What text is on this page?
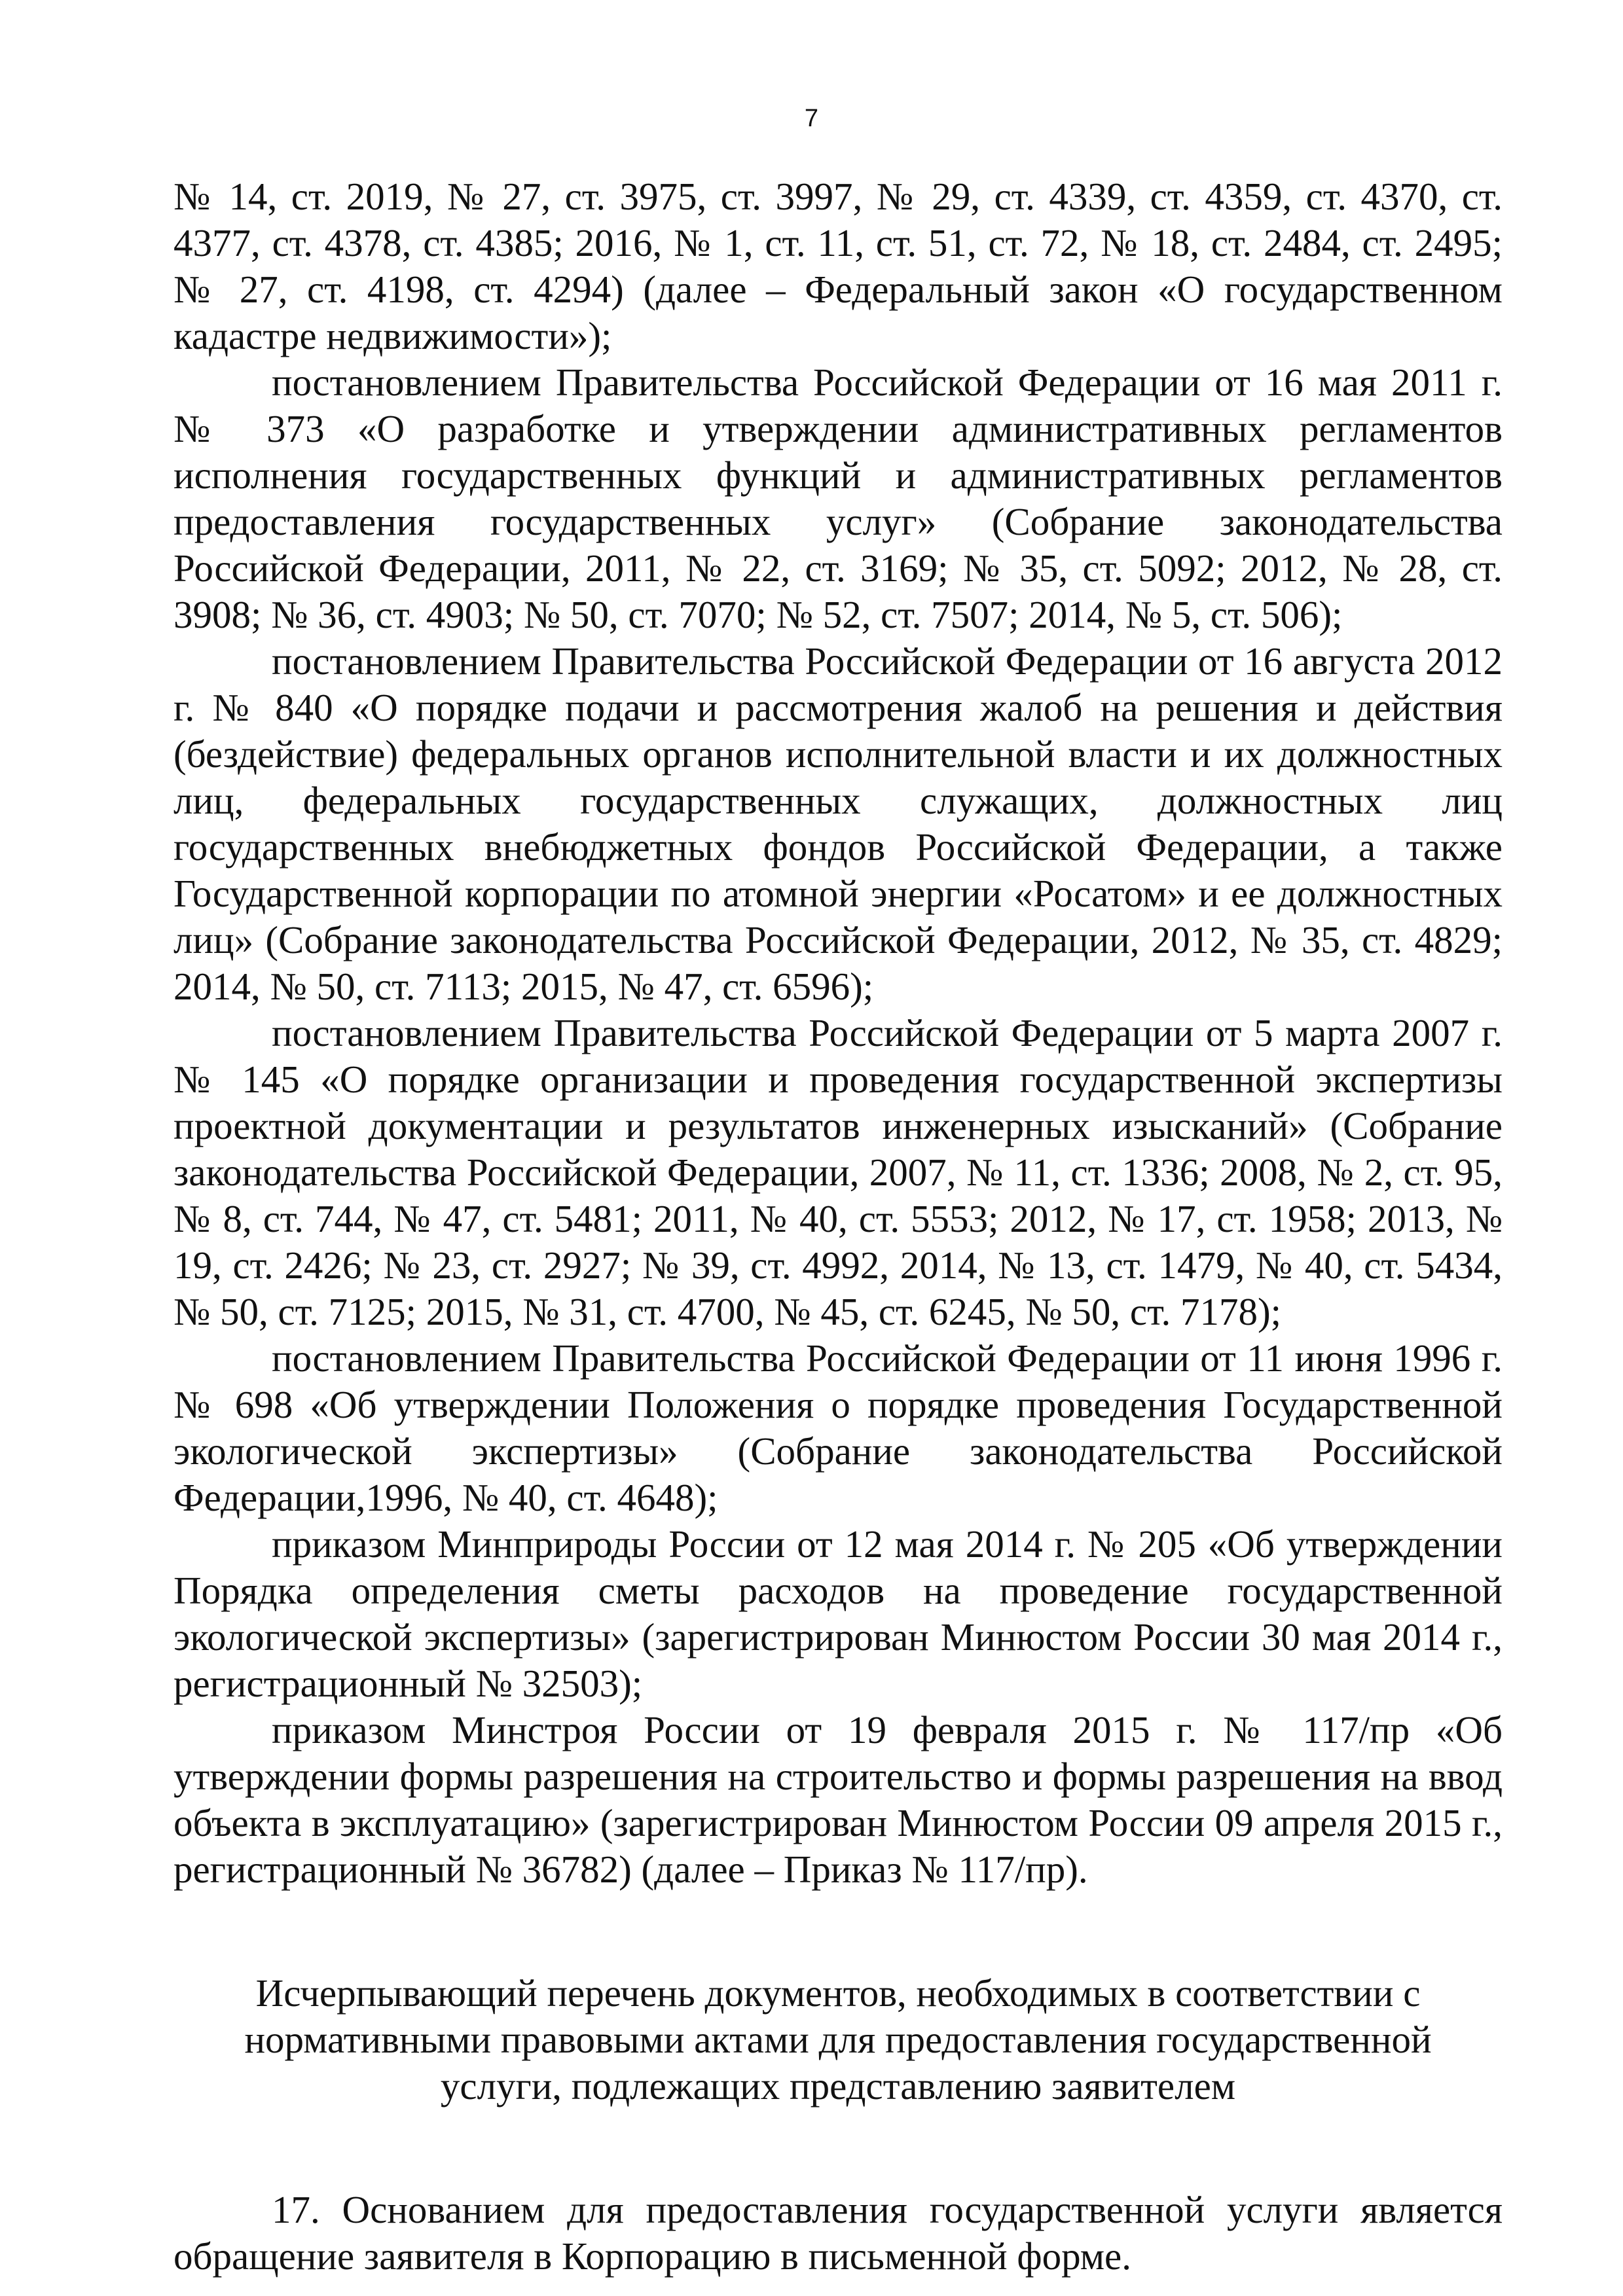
7

№ 14, ст. 2019, № 27, ст. 3975, ст. 3997, № 29, ст. 4339, ст. 4359, ст. 4370, ст. 4377, ст. 4378, ст. 4385; 2016, № 1, ст. 11, ст. 51, ст. 72, № 18, ст. 2484, ст. 2495; № 27, ст. 4198, ст. 4294) (далее – Федеральный закон «О государственном кадастре недвижимости»);

постановлением Правительства Российской Федерации от 16 мая 2011 г. № 373 «О разработке и утверждении административных регламентов исполнения государственных функций и административных регламентов предоставления государственных услуг» (Собрание законодательства Российской Федерации, 2011, № 22, ст. 3169; № 35, ст. 5092; 2012, № 28, ст. 3908; № 36, ст. 4903; № 50, ст. 7070; № 52, ст. 7507; 2014, № 5, ст. 506);

постановлением Правительства Российской Федерации от 16 августа 2012 г. № 840 «О порядке подачи и рассмотрения жалоб на решения и действия (бездействие) федеральных органов исполнительной власти и их должностных лиц, федеральных государственных служащих, должностных лиц государственных внебюджетных фондов Российской Федерации, а также Государственной корпорации по атомной энергии «Росатом» и ее должностных лиц» (Собрание законодательства Российской Федерации, 2012, № 35, ст. 4829; 2014, № 50, ст. 7113; 2015, № 47, ст. 6596);

постановлением Правительства Российской Федерации от 5 марта 2007 г. № 145 «О порядке организации и проведения государственной экспертизы проектной документации и результатов инженерных изысканий» (Собрание законодательства Российской Федерации, 2007, № 11, ст. 1336; 2008, № 2, ст. 95, № 8, ст. 744, № 47, ст. 5481; 2011, № 40, ст. 5553; 2012, № 17, ст. 1958; 2013, № 19, ст. 2426; № 23, ст. 2927; № 39, ст. 4992, 2014, № 13, ст. 1479, № 40, ст. 5434, № 50, ст. 7125; 2015, № 31, ст. 4700, № 45, ст. 6245, № 50, ст. 7178);

постановлением Правительства Российской Федерации от 11 июня 1996 г. № 698 «Об утверждении Положения о порядке проведения Государственной экологической экспертизы» (Собрание законодательства Российской Федерации,1996, № 40, ст. 4648);

приказом Минприроды России от 12 мая 2014 г. № 205 «Об утверждении Порядка определения сметы расходов на проведение государственной экологической экспертизы» (зарегистрирован Минюстом России 30 мая 2014 г., регистрационный № 32503);

приказом Минстроя России от 19 февраля 2015 г. № 117/пр «Об утверждении формы разрешения на строительство и формы разрешения на ввод объекта в эксплуатацию» (зарегистрирован Минюстом России 09 апреля 2015 г., регистрационный № 36782) (далее – Приказ № 117/пр).

Исчерпывающий перечень документов, необходимых в соответствии с нормативными правовыми актами для предоставления государственной услуги, подлежащих представлению заявителем

17. Основанием для предоставления государственной услуги является обращение заявителя в Корпорацию в письменной форме.
